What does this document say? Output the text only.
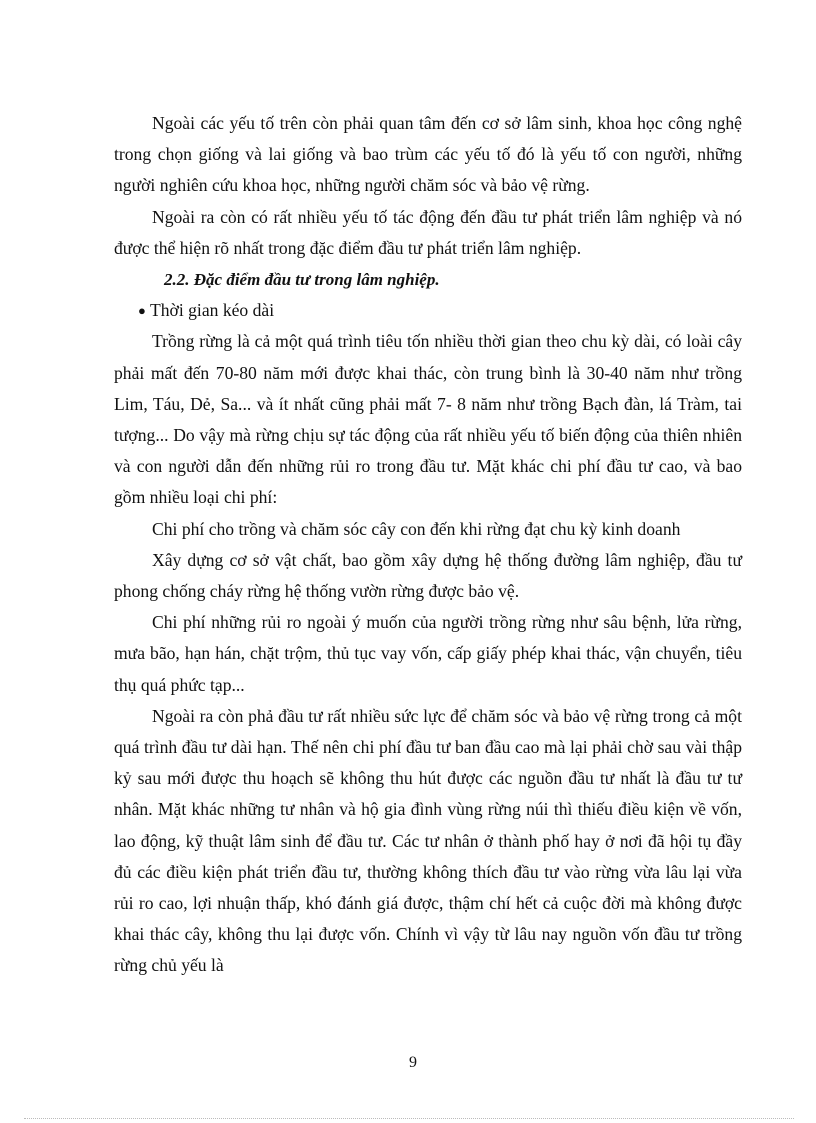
Ngoài các yếu tố trên còn phải quan tâm đến cơ sở lâm sinh, khoa học công nghệ trong chọn giống và lai giống và bao trùm các yếu tố đó là yếu tố con người, những người nghiên cứu khoa học, những người chăm sóc và bảo vệ rừng.

Ngoài ra còn có rất nhiều yếu tố tác động đến đầu tư phát triển lâm nghiệp và nó được thể hiện rõ nhất trong đặc điểm đầu tư phát triển lâm nghiệp.

2.2. Đặc điểm đầu tư trong lâm nghiệp.

● Thời gian kéo dài

Trồng rừng là cả một quá trình tiêu tốn nhiều thời gian theo chu kỳ dài, có loài cây phải mất đến 70-80 năm mới được khai thác, còn trung bình là 30-40 năm như trồng Lim, Táu, Dẻ, Sa... và ít nhất cũng phải mất 7- 8 năm như trồng Bạch đàn, lá Tràm, tai tượng... Do vậy mà rừng chịu sự tác động của rất nhiều yếu tố biến động của thiên nhiên và con người dẫn đến những rủi ro trong đầu tư. Mặt khác chi phí đầu tư cao, và bao gồm nhiều loại chi phí:

Chi phí cho trồng và chăm sóc cây con đến khi rừng đạt chu kỳ kinh doanh

Xây dựng cơ sở vật chất, bao gồm xây dựng hệ thống đường lâm nghiệp, đầu tư phong chống cháy rừng hệ thống vườn rừng được bảo vệ.

Chi phí những rủi ro ngoài ý muốn của người trồng rừng như sâu bệnh, lửa rừng, mưa bão, hạn hán, chặt trộm, thủ tục vay vốn, cấp giấy phép khai thác, vận chuyển, tiêu thụ quá phức tạp...

Ngoài ra còn phả đầu tư rất nhiều sức lực để chăm sóc và bảo vệ rừng trong cả một quá trình đầu tư dài hạn. Thế nên chi phí đầu tư ban đầu cao mà lại phải chờ sau vài thập kỷ sau mới được thu hoạch sẽ không thu hút được các nguồn đầu tư nhất là đầu tư tư nhân. Mặt khác những tư nhân và hộ gia đình vùng rừng núi thì thiếu điều kiện về vốn, lao động, kỹ thuật lâm sinh để đầu tư. Các tư nhân ở thành phố hay ở nơi đã hội tụ đầy đủ các điều kiện phát triển đầu tư, thường không thích đầu tư vào rừng vừa lâu lại vừa rủi ro cao, lợi nhuận thấp, khó đánh giá được, thậm chí hết cả cuộc đời mà không được khai thác cây, không thu lại được vốn. Chính vì vậy từ lâu nay nguồn vốn đầu tư trồng rừng chủ yếu là

9
